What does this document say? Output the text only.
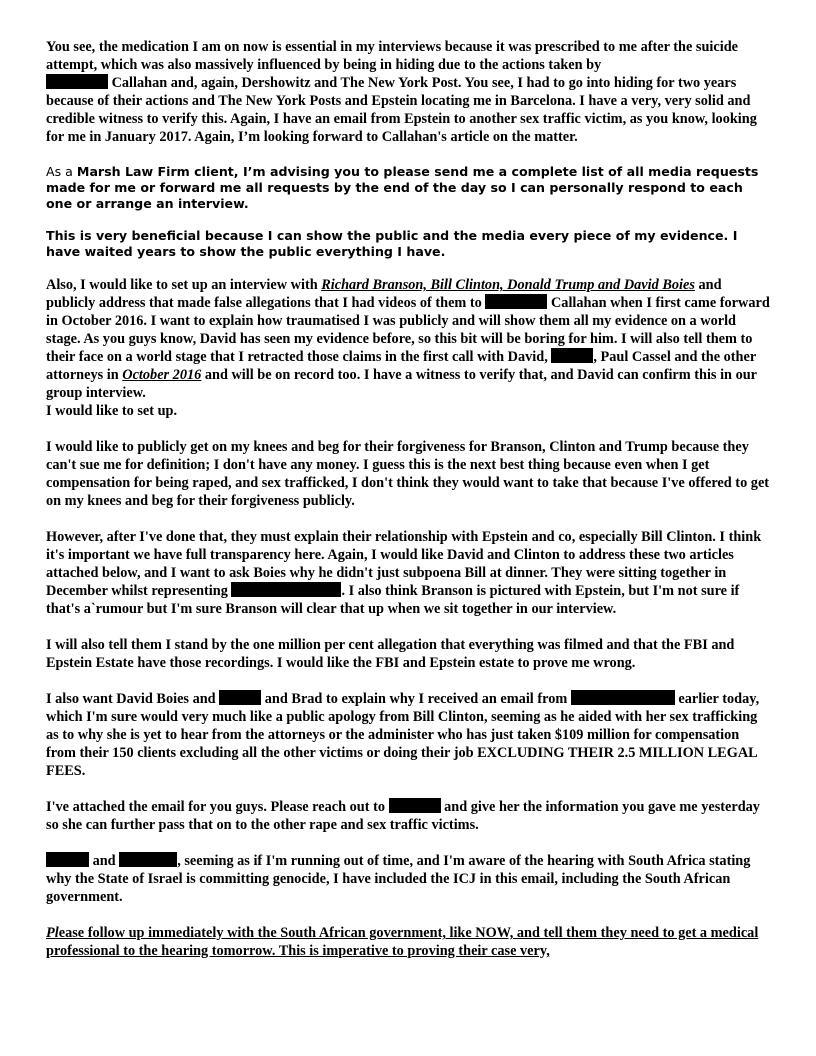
You see, the medication I am on now is essential in my interviews because it was prescribed to me after the suicide attempt, which was also massively influenced by being in hiding due to the actions taken by
Callahan and, again, Dershowitz and The New York Post. You see, I had to go into hiding for two years because of their actions and The New York Posts and Epstein locating me in Barcelona. I have a very, very solid and credible witness to verify this. Again, I have an email from Epstein to another sex traffic victim, as you know, looking for me in January 2017. Again, I’m looking forward to Callahan's article on the matter.

As a Marsh Law Firm client, I’m advising you to please send me a complete list of all media requests made for me or forward me all requests by the end of the day so I can personally respond to each one or arrange an interview.

This is very beneficial because I can show the public and the media every piece of my evidence. I have waited years to show the public everything I have.

Also, I would like to set up an interview with Richard Branson, Bill Clinton, Donald Trump and David Boies and publicly address that made false allegations that I had videos of them to	Callahan when I first came forward in October 2016. I want to explain how traumatised I was publicly and will show them all my evidence on a world stage. As you guys know, David has seen my evidence before, so this bit will be boring for him. I will also tell them to their face on a world stage that I retracted those claims in the first call with David,	, Paul Cassel and the other attorneys in October 2016 and will be on record too. I have a witness to verify that, and David can confirm this in our group interview.
I would like to set up.

I would like to publicly get on my knees and beg for their forgiveness for Branson, Clinton and Trump because they can't sue me for definition; I don't have any money. I guess this is the next best thing because even when I get compensation for being raped, and sex trafficked, I don't think they would want to take that because I've offered to get on my knees and beg for their forgiveness publicly.

However, after I've done that, they must explain their relationship with Epstein and co, especially Bill Clinton. I think it's important we have full transparency here. Again, I would like David and Clinton to address these two articles attached below, and I want to ask Boies why he didn't just subpoena Bill at dinner. They were sitting together in December whilst representing	. I also think Branson is pictured with Epstein, but I'm not sure if that's a`rumour but I'm sure Branson will clear that up when we sit together in our interview.

I will also tell them I stand by the one million per cent allegation that everything was filmed and that the FBI and Epstein Estate have those recordings. I would like the FBI and Epstein estate to prove me wrong.

I also want David Boies and	and Brad to explain why I received an email from	earlier today, which I'm sure would very much like a public apology from Bill Clinton, seeming as he aided with her sex trafficking as to why she is yet to hear from the attorneys or the administer who has just taken $109 million for compensation from their 150 clients excluding all the other victims or doing their job EXCLUDING THEIR 2.5 MILLION LEGAL FEES.

I've attached the email for you guys. Please reach out to	and give her the information you gave me yesterday so she can further pass that on to the other rape and sex traffic victims.

and	, seeming as if I'm running out of time, and I'm aware of the hearing with South Africa stating why the State of Israel is committing genocide, I have included the ICJ in this email, including the South African government.

Please follow up immediately with the South African government, like NOW, and tell them they need to get a medical professional to the hearing tomorrow. This is imperative to proving their case very,
